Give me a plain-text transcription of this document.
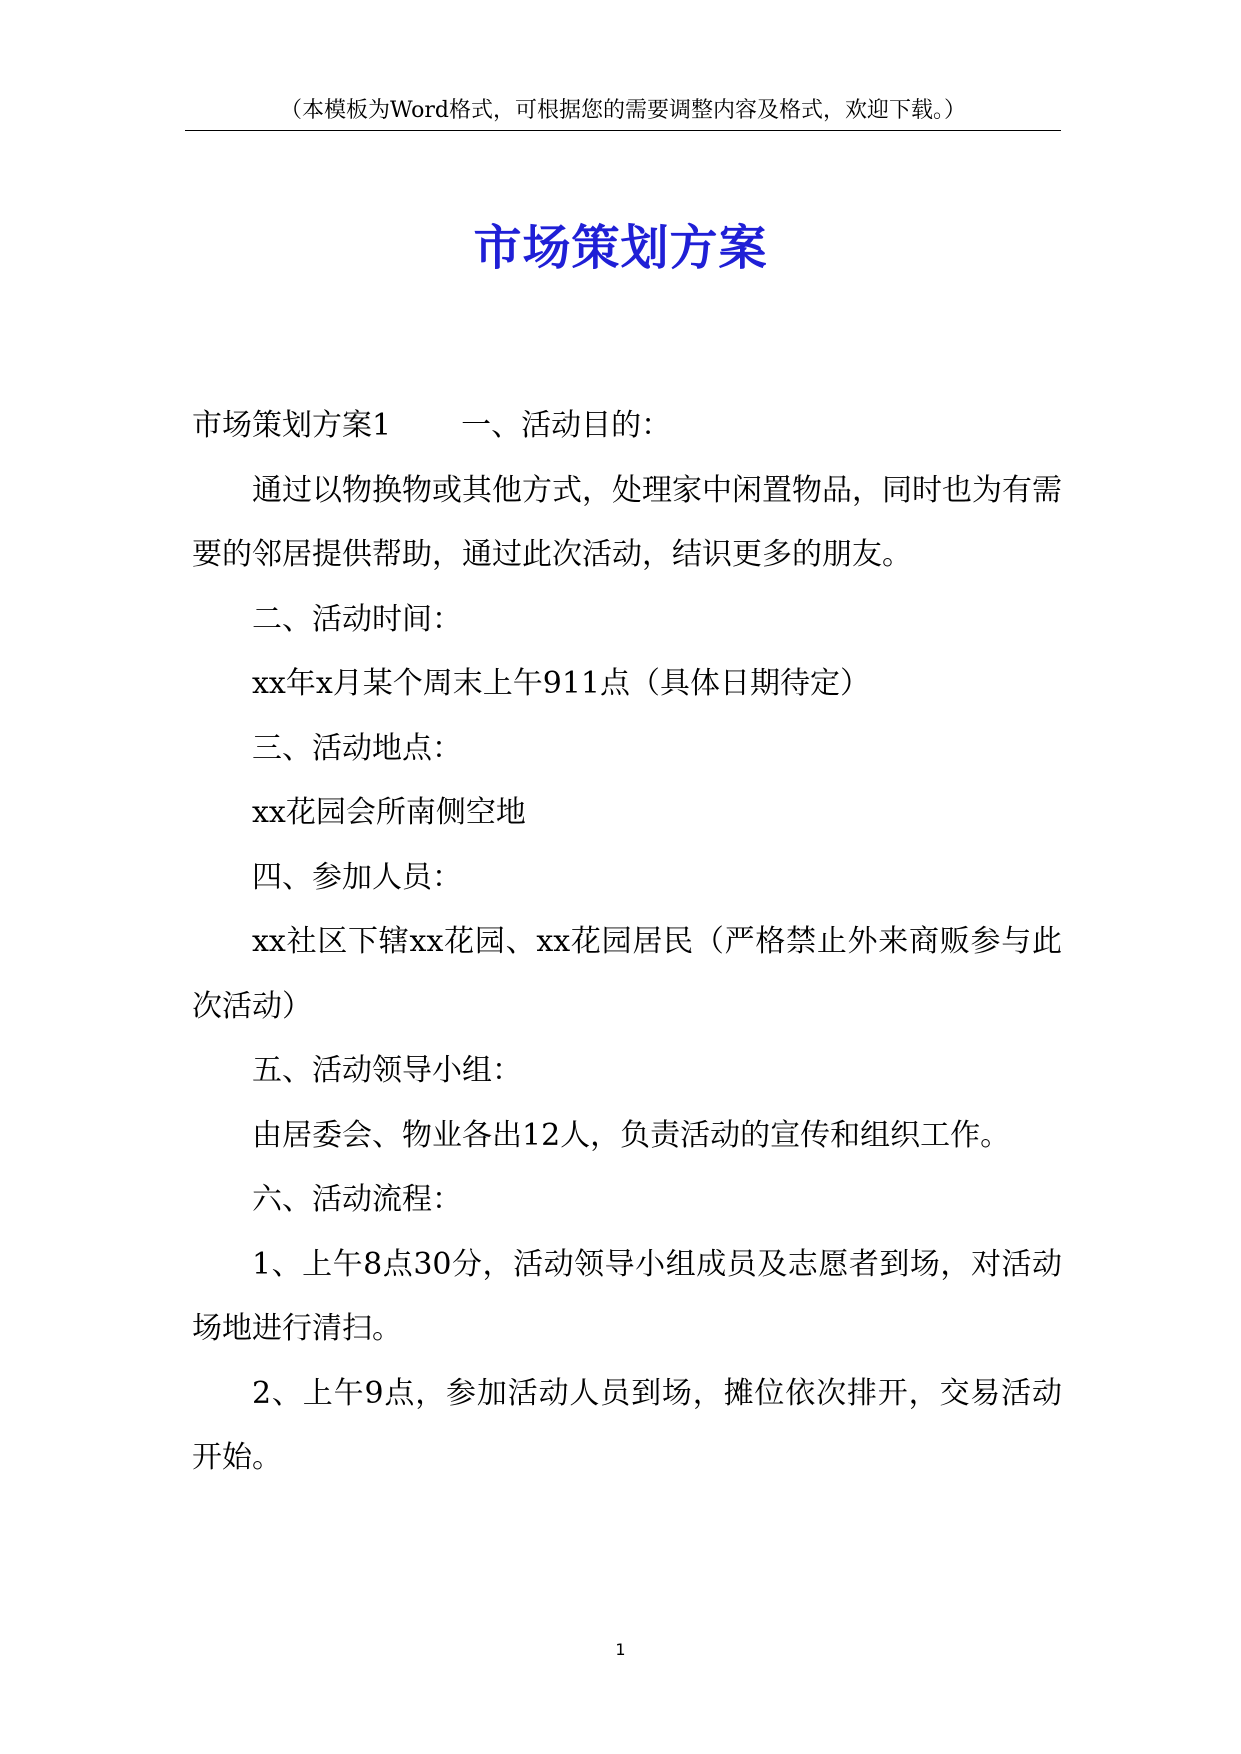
（本模板为Word格式，可根据您的需要调整内容及格式，欢迎下载。）
市场策划方案

市场策划方案1 一、活动目的：

通过以物换物或其他方式，处理家中闲置物品，同时也为有需要的邻居提供帮助，通过此次活动，结识更多的朋友。

二、活动时间：

xx年x月某个周末上午911点（具体日期待定）

三、活动地点：

xx花园会所南侧空地

四、参加人员：

xx社区下辖xx花园、xx花园居民（严格禁止外来商贩参与此次活动）

五、活动领导小组：

由居委会、物业各出12人，负责活动的宣传和组织工作。

六、活动流程：

1、上午8点30分，活动领导小组成员及志愿者到场，对活动场地进行清扫。

2、上午9点，参加活动人员到场，摊位依次排开，交易活动开始。

1
